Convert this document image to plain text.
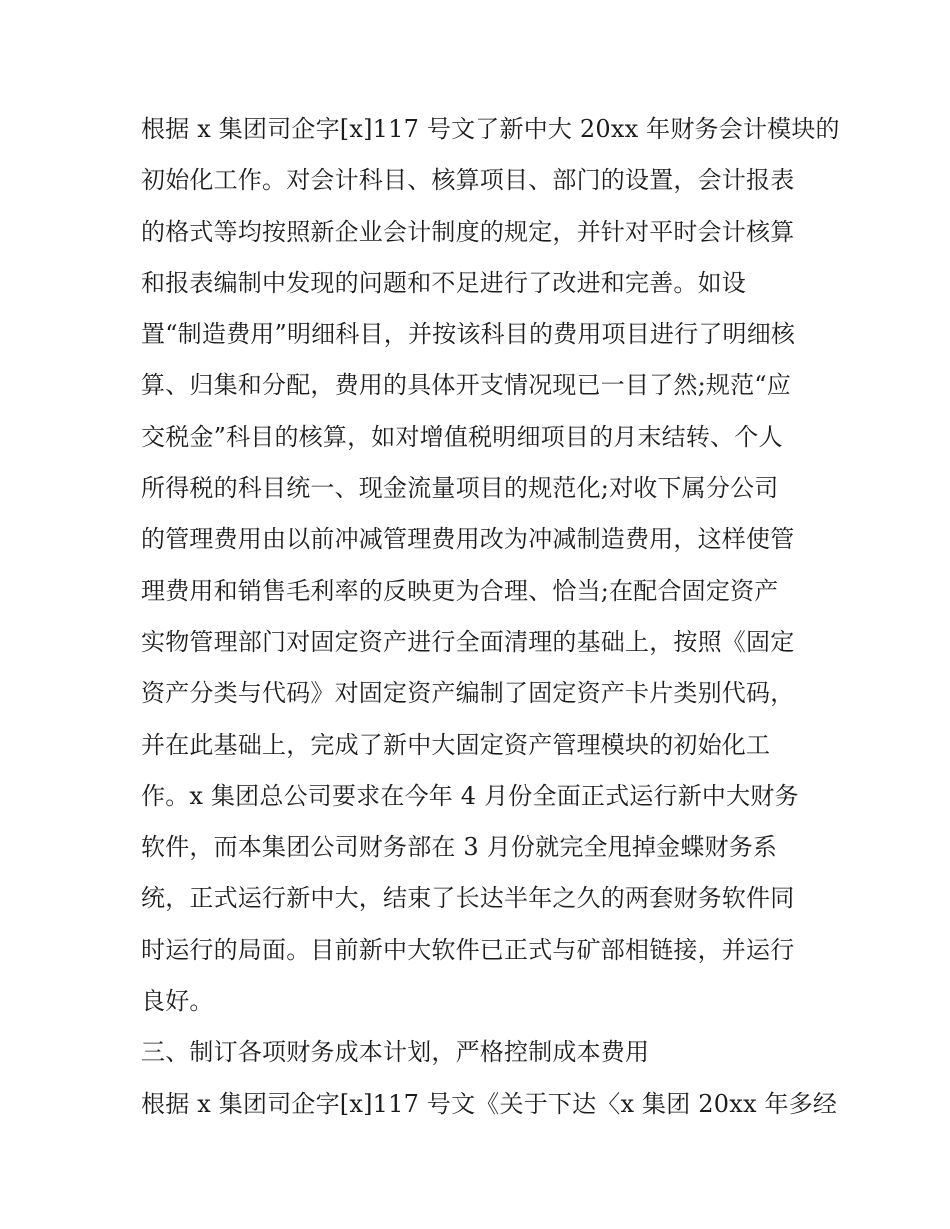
根据 x 集团司企字[x]117 号文了新中大 20xx 年财务会计模块的
初始化工作。对会计科目、核算项目、部门的设置，会计报表
的格式等均按照新企业会计制度的规定，并针对平时会计核算
和报表编制中发现的问题和不足进行了改进和完善。如设
置“制造费用”明细科目，并按该科目的费用项目进行了明细核
算、归集和分配，费用的具体开支情况现已一目了然;规范“应
交税金”科目的核算，如对增值税明细项目的月末结转、个人
所得税的科目统一、现金流量项目的规范化;对收下属分公司
的管理费用由以前冲减管理费用改为冲减制造费用，这样使管
理费用和销售毛利率的反映更为合理、恰当;在配合固定资产
实物管理部门对固定资产进行全面清理的基础上，按照《固定
资产分类与代码》对固定资产编制了固定资产卡片类别代码，
并在此基础上，完成了新中大固定资产管理模块的初始化工
作。x 集团总公司要求在今年 4 月份全面正式运行新中大财务
软件，而本集团公司财务部在 3 月份就完全甩掉金蝶财务系
统，正式运行新中大，结束了长达半年之久的两套财务软件同
时运行的局面。目前新中大软件已正式与矿部相链接，并运行
良好。
三、制订各项财务成本计划，严格控制成本费用
根据 x 集团司企字[x]117 号文《关于下达〈x 集团 20xx 年多经
